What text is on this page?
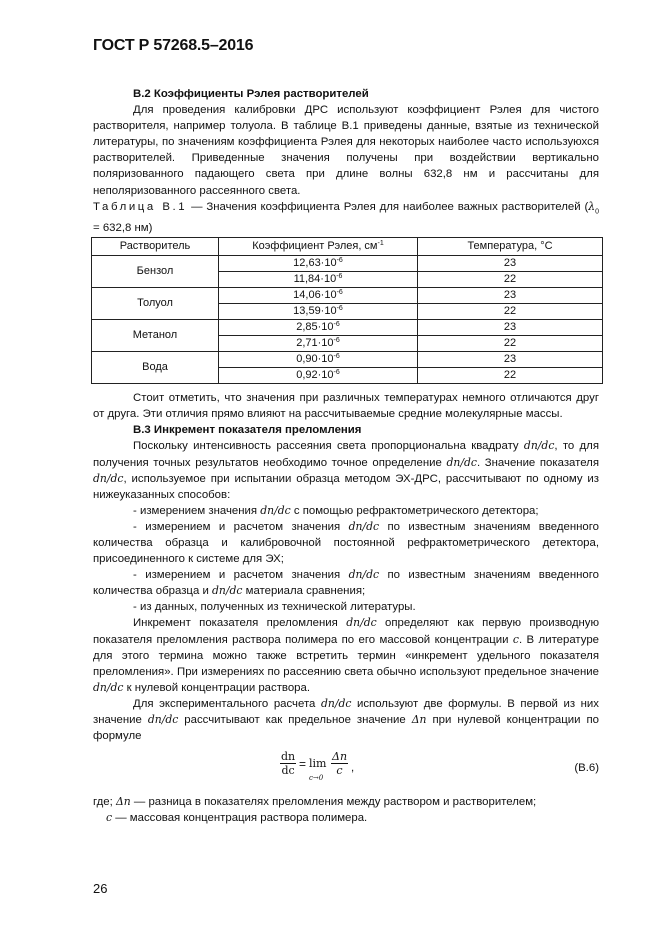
ГОСТ Р 57268.5–2016

В.2 Коэффициенты Рэлея растворителей

Для проведения калибровки ДРС используют коэффициент Рэлея для чистого растворителя, например толуола. В таблице В.1 приведены данные, взятые из технической литературы, по значениям коэффициента Рэлея для некоторых наиболее часто используюхся растворителей. Приведенные значения получены при воздействии вертикально поляризованного падающего света при длине волны 632,8 нм и рассчитаны для неполяризованного рассеянного света.

Таблица В.1 — Значения коэффициента Рэлея для наиболее важных растворителей ($\lambda_0 = 632,8$ нм)

Растворитель	Коэффициент Рэлея, $см^{-1}$	Температура, °С
Бензол	$12,63\cdot 10^{-6}$	23
	$11,84\cdot 10^{-6}$	22
Толуол	$14,06\cdot 10^{-6}$	23
	$13,59\cdot 10^{-6}$	22
Метанол	$2,85\cdot 10^{-6}$	23
	$2,71\cdot 10^{-6}$	22
Вода	$0,90\cdot 10^{-6}$	23
	$0,92\cdot 10^{-6}$	22

Стоит отметить, что значения при различных температурах немного отличаются друг от друга. Эти отличия прямо влияют на рассчитываемые средние молекулярные массы.

В.3 Инкремент показателя преломления

Поскольку интенсивность рассеяния света пропорциональна квадрату dn/dc, то для получения точных результатов необходимо точное определение dn/dc. Значение показателя dn/dc, используемое при испытании образца методом ЭХ-ДРС, рассчитывают по одному из нижеуказанных способов:

- измерением значения dn/dc с помощью рефрактометрического детектора;

- измерением и расчетом значения dn/dc по известным значениям введенного количества образца и калибровочной постоянной рефрактометрического детектора, присоединенного к системе для ЭХ;

- измерением и расчетом значения dn/dc по известным значениям введенного количества образца и dn/dc материала сравнения;

- из данных, полученных из технической литературы.

Инкремент показателя преломления dn/dc определяют как первую производную показателя преломления раствора полимера по его массовой концентрации c. В литературе для этого термина можно также встретить термин «инкремент удельного показателя преломления». При измерениях по рассеянию света обычно используют предельное значение dn/dc к нулевой концентрации раствора.

Для экспериментального расчета dn/dc используют две формулы. В первой из них значение dn/dc рассчитывают как предельное значение Δn при нулевой концентрации по формуле

$\frac{dn}{dc} = \lim$
c→0
$\frac{\Delta n}{c}$ ,	(В.6)

где; Δn — разница в показателях преломления между раствором и растворителем;

c — массовая концентрация раствора полимера.

26
